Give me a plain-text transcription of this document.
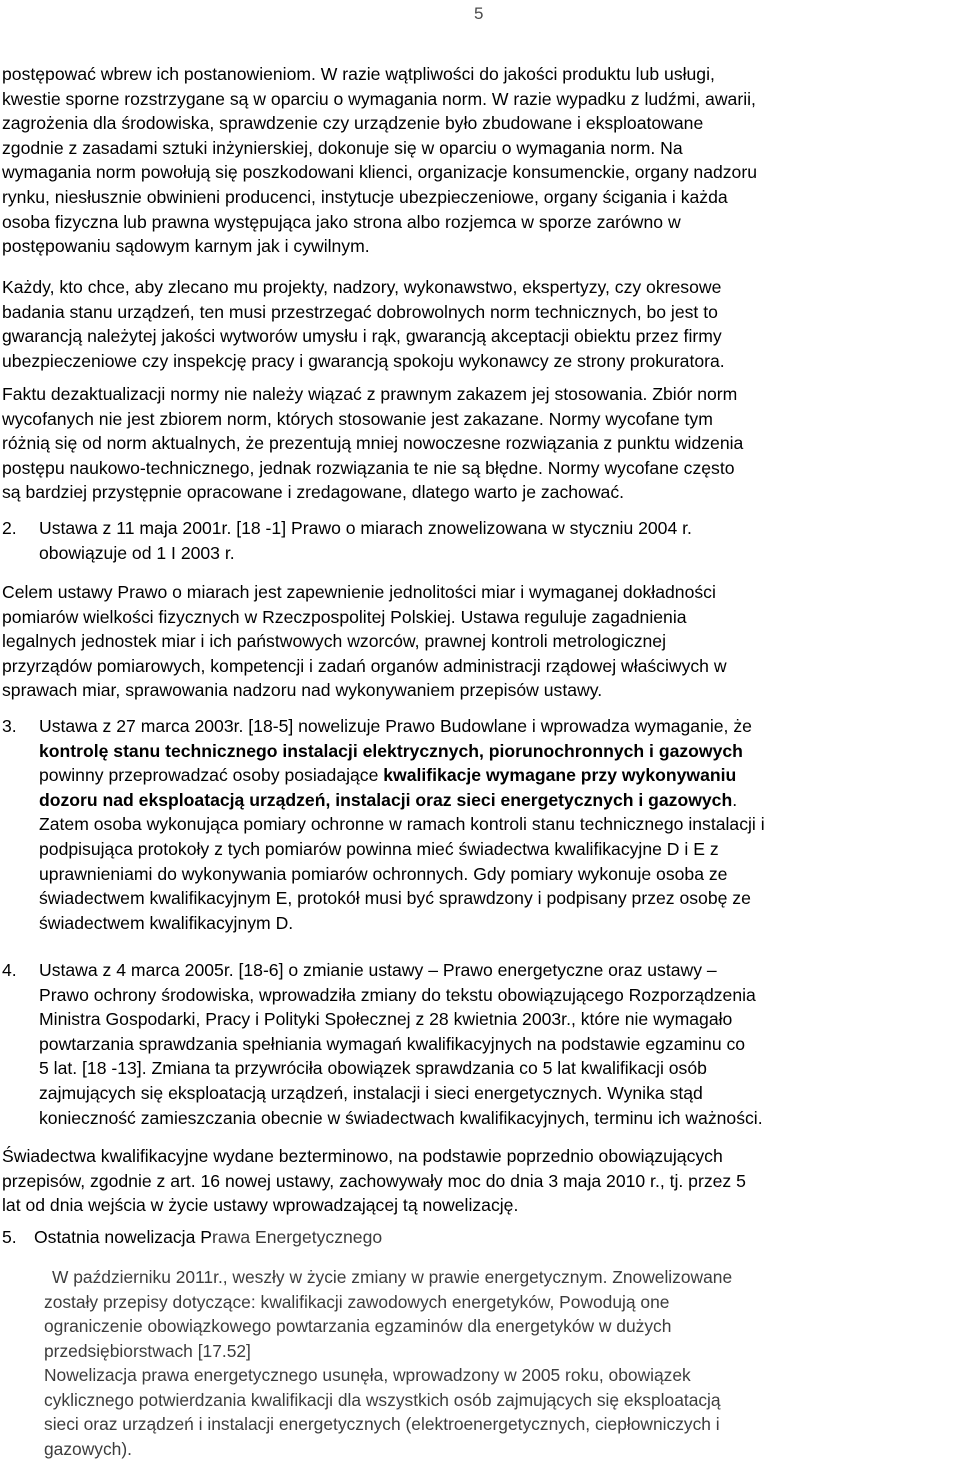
5
postępować wbrew ich postanowieniom. W razie wątpliwości do jakości produktu lub usługi,
kwestie sporne rozstrzygane są w oparciu o wymagania norm. W razie wypadku z ludźmi, awarii,
zagrożenia dla środowiska, sprawdzenie czy urządzenie było zbudowane i eksploatowane
zgodnie z zasadami sztuki inżynierskiej, dokonuje się w oparciu o wymagania norm. Na
wymagania norm powołują się poszkodowani klienci, organizacje konsumenckie, organy nadzoru
rynku, niesłusznie obwinieni producenci, instytucje ubezpieczeniowe, organy ścigania i każda
osoba fizyczna lub prawna występująca jako strona albo rozjemca w sporze zarówno w
postępowaniu sądowym karnym jak i cywilnym.
Każdy, kto chce, aby zlecano mu projekty, nadzory, wykonawstwo, ekspertyzy, czy okresowe
badania stanu urządzeń, ten musi przestrzegać dobrowolnych norm technicznych, bo jest to
gwarancją należytej jakości wytworów umysłu i rąk, gwarancją akceptacji obiektu przez firmy
ubezpieczeniowe czy inspekcję pracy i gwarancją spokoju wykonawcy ze strony prokuratora.
Faktu dezaktualizacji normy nie należy wiązać z prawnym zakazem jej stosowania. Zbiór norm
wycofanych nie jest zbiorem norm, których stosowanie jest zakazane. Normy wycofane tym
różnią się od norm aktualnych, że prezentują mniej nowoczesne rozwiązania z punktu widzenia
postępu naukowo-technicznego, jednak rozwiązania te nie są błędne. Normy wycofane często
są bardziej przystępnie opracowane i zredagowane, dlatego warto je zachować.
2. Ustawa z 11 maja 2001r. [18 -1] Prawo o miarach znowelizowana w styczniu 2004 r.
obowiązuje od 1 I 2003 r.
Celem ustawy Prawo o miarach jest zapewnienie jednolitości miar i wymaganej dokładności
pomiarów wielkości fizycznych w Rzeczpospolitej Polskiej. Ustawa reguluje zagadnienia
legalnych jednostek miar i ich państwowych wzorców, prawnej kontroli metrologicznej
przyrządów pomiarowych, kompetencji i zadań organów administracji rządowej właściwych w
sprawach miar, sprawowania nadzoru nad wykonywaniem przepisów ustawy.
3. Ustawa z 27 marca 2003r. [18-5] nowelizuje Prawo Budowlane i wprowadza wymaganie, że
kontrolę stanu technicznego instalacji elektrycznych, piorunochronnych i gazowych
powinny przeprowadzać osoby posiadające kwalifikacje wymagane przy wykonywaniu
dozoru nad eksploatacją urządzeń, instalacji oraz sieci energetycznych i gazowych.
Zatem osoba wykonująca pomiary ochronne w ramach kontroli stanu technicznego instalacji i
podpisująca protokoły z tych pomiarów powinna mieć świadectwa kwalifikacyjne D i E z
uprawnieniami do wykonywania pomiarów ochronnych. Gdy pomiary wykonuje osoba ze
świadectwem kwalifikacyjnym E, protokół musi być sprawdzony i podpisany przez osobę ze
świadectwem kwalifikacyjnym D.
4. Ustawa z 4 marca 2005r. [18-6] o zmianie ustawy – Prawo energetyczne oraz ustawy –
Prawo ochrony środowiska, wprowadziła zmiany do tekstu obowiązującego Rozporządzenia
Ministra Gospodarki, Pracy i Polityki Społecznej z 28 kwietnia 2003r., które nie wymagało
powtarzania sprawdzania spełniania wymagań kwalifikacyjnych na podstawie egzaminu co
5 lat. [18 -13]. Zmiana ta przywróciła obowiązek sprawdzania co 5 lat kwalifikacji osób
zajmujących się eksploatacją urządzeń, instalacji i sieci energetycznych. Wynika stąd
konieczność zamieszczania obecnie w świadectwach kwalifikacyjnych, terminu ich ważności.
Świadectwa kwalifikacyjne wydane bezterminowo, na podstawie poprzednio obowiązujących
przepisów, zgodnie z art. 16 nowej ustawy, zachowywały moc do dnia 3 maja 2010 r., tj. przez 5
lat od dnia wejścia w życie ustawy wprowadzającej tą nowelizację.
5. Ostatnia nowelizacja Prawa Energetycznego
W październiku 2011r., weszły w życie zmiany w prawie energetycznym. Znowelizowane
zostały przepisy dotyczące: kwalifikacji zawodowych energetyków, Powodują one
ograniczenie obowiązkowego powtarzania egzaminów dla energetyków w dużych
przedsiębiorstwach [17.52]
Nowelizacja prawa energetycznego usunęła, wprowadzony w 2005 roku, obowiązek
cyklicznego potwierdzania kwalifikacji dla wszystkich osób zajmujących się eksploatacją
sieci oraz urządzeń i instalacji energetycznych (elektroenergetycznych, ciepłowniczych i
gazowych).
